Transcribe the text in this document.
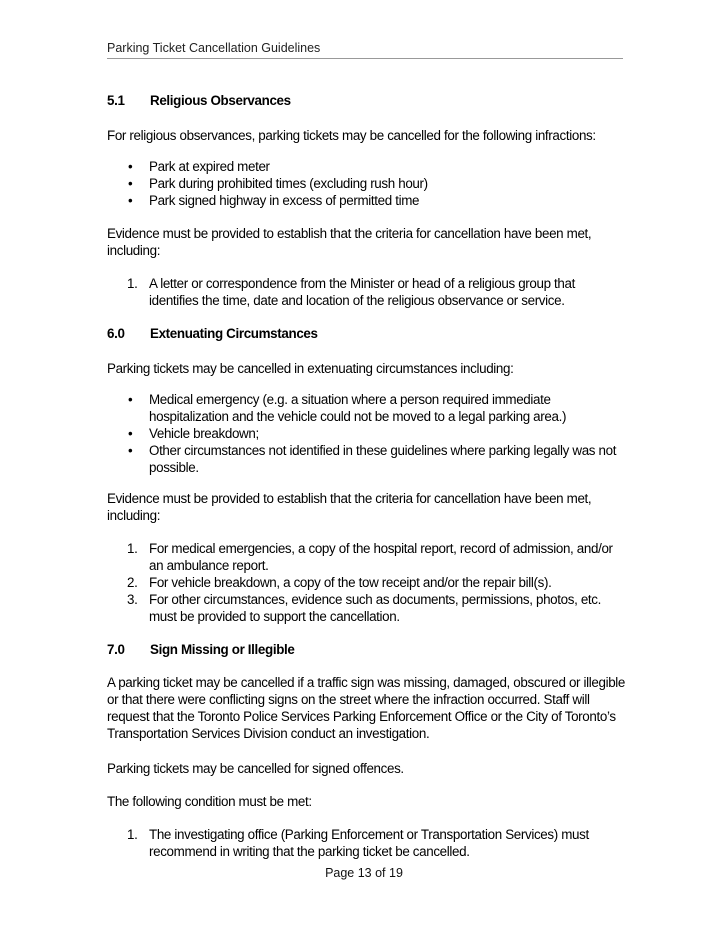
Parking Ticket Cancellation Guidelines
5.1	Religious Observances

For religious observances, parking tickets may be cancelled for the following infractions:

•	Park at expired meter
•	Park during prohibited times (excluding rush hour)
•	Park signed highway in excess of permitted time

Evidence must be provided to establish that the criteria for cancellation have been met, including:

1. A letter or correspondence from the Minister or head of a religious group that identifies the time, date and location of the religious observance or service.
6.0	Extenuating Circumstances

Parking tickets may be cancelled in extenuating circumstances including:

•	Medical emergency (e.g. a situation where a person required immediate hospitalization and the vehicle could not be moved to a legal parking area.)
•	Vehicle breakdown;
•	Other circumstances not identified in these guidelines where parking legally was not possible.

Evidence must be provided to establish that the criteria for cancellation have been met, including:

1. For medical emergencies, a copy of the hospital report, record of admission, and/or an ambulance report.
2. For vehicle breakdown, a copy of the tow receipt and/or the repair bill(s).
3. For other circumstances, evidence such as documents, permissions, photos, etc. must be provided to support the cancellation.
7.0	Sign Missing or Illegible

A parking ticket may be cancelled if a traffic sign was missing, damaged, obscured or illegible or that there were conflicting signs on the street where the infraction occurred. Staff will request that the Toronto Police Services Parking Enforcement Office or the City of Toronto’s Transportation Services Division conduct an investigation.

Parking tickets may be cancelled for signed offences.

The following condition must be met:

1. The investigating office (Parking Enforcement or Transportation Services) must recommend in writing that the parking ticket be cancelled.
Page 13 of 19
